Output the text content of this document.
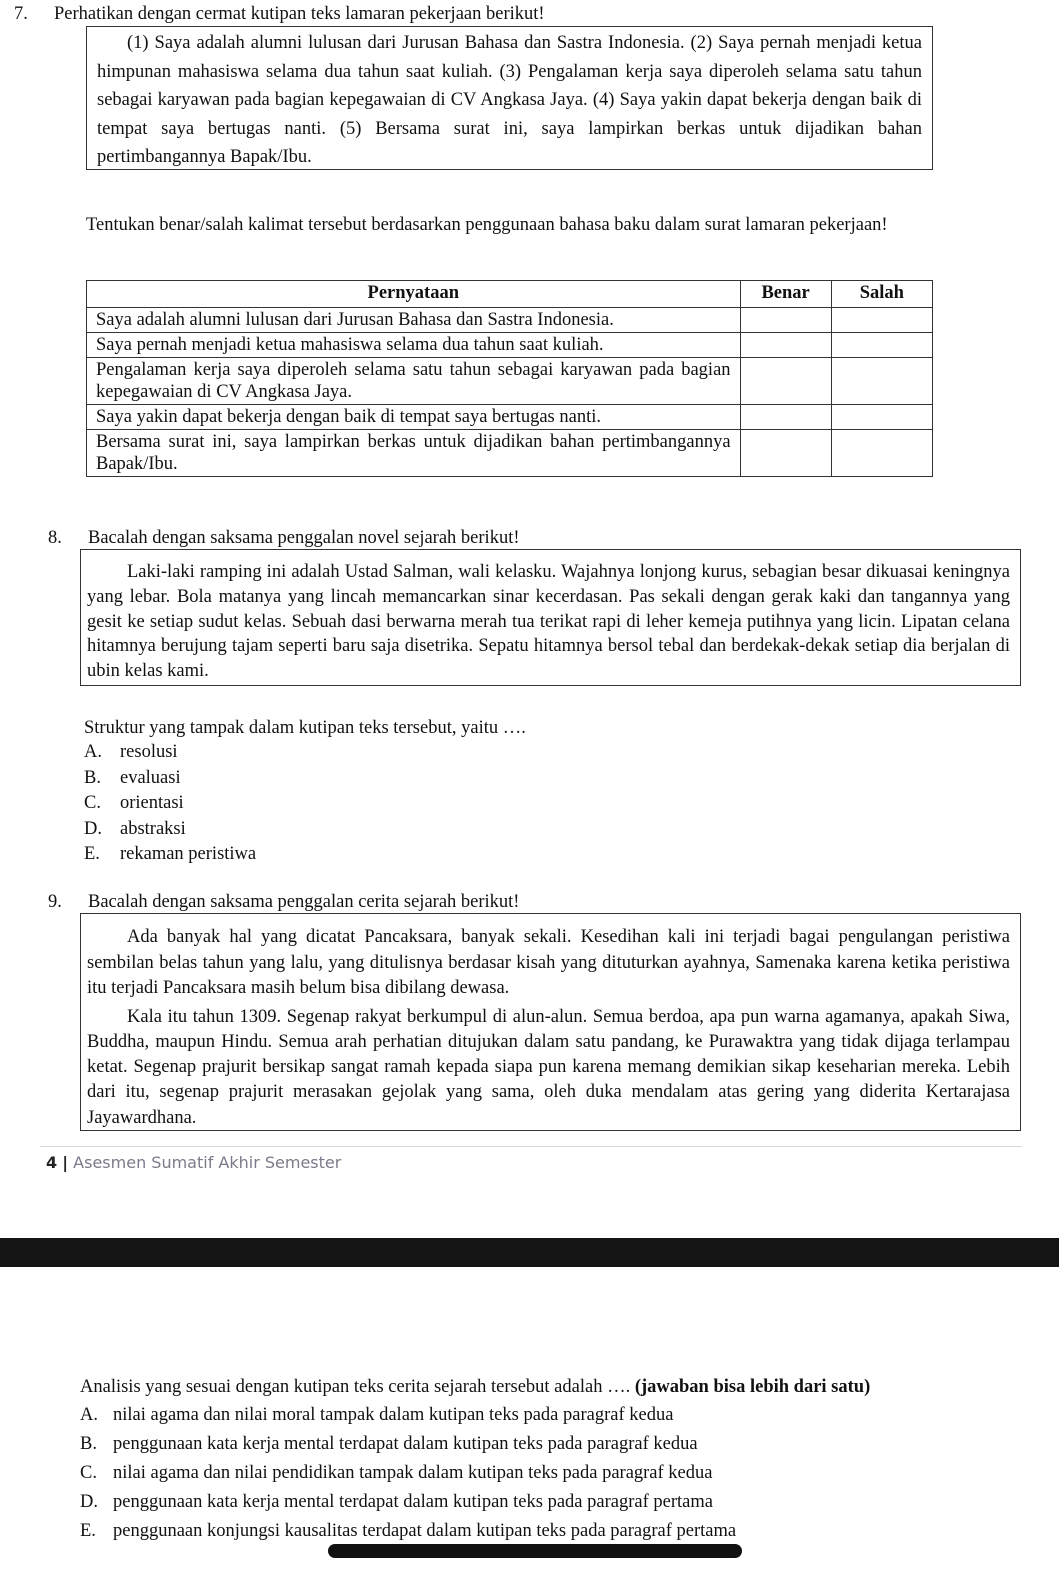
7. Perhatikan dengan cermat kutipan teks lamaran pekerjaan berikut!

(1) Saya adalah alumni lulusan dari Jurusan Bahasa dan Sastra Indonesia. (2) Saya pernah menjadi ketua himpunan mahasiswa selama dua tahun saat kuliah. (3) Pengalaman kerja saya diperoleh selama satu tahun sebagai karyawan pada bagian kepegawaian di CV Angkasa Jaya. (4) Saya yakin dapat bekerja dengan baik di tempat saya bertugas nanti. (5) Bersama surat ini, saya lampirkan berkas untuk dijadikan bahan pertimbangannya Bapak/Ibu.

Tentukan benar/salah kalimat tersebut berdasarkan penggunaan bahasa baku dalam surat lamaran pekerjaan!
Pernyataan	Benar	Salah
Saya adalah alumni lulusan dari Jurusan Bahasa dan Sastra Indonesia.		
Saya pernah menjadi ketua mahasiswa selama dua tahun saat kuliah.		
Pengalaman kerja saya diperoleh selama satu tahun sebagai karyawan pada bagian kepegawaian di CV Angkasa Jaya.		
Saya yakin dapat bekerja dengan baik di tempat saya bertugas nanti.		
Bersama surat ini, saya lampirkan berkas untuk dijadikan bahan pertimbangannya Bapak/Ibu.		
8. Bacalah dengan saksama penggalan novel sejarah berikut!

Laki-laki ramping ini adalah Ustad Salman, wali kelasku. Wajahnya lonjong kurus, sebagian besar dikuasai keningnya yang lebar. Bola matanya yang lincah memancarkan sinar kecerdasan. Pas sekali dengan gerak kaki dan tangannya yang gesit ke setiap sudut kelas. Sebuah dasi berwarna merah tua terikat rapi di leher kemeja putihnya yang licin. Lipatan celana hitamnya berujung tajam seperti baru saja disetrika. Sepatu hitamnya bersol tebal dan berdekak-dekak setiap dia berjalan di ubin kelas kami.

Struktur yang tampak dalam kutipan teks tersebut, yaitu ….
A. resolusi
B. evaluasi
C. orientasi
D. abstraksi
E. rekaman peristiwa
9. Bacalah dengan saksama penggalan cerita sejarah berikut!

Ada banyak hal yang dicatat Pancaksara, banyak sekali. Kesedihan kali ini terjadi bagai pengulangan peristiwa sembilan belas tahun yang lalu, yang ditulisnya berdasar kisah yang dituturkan ayahnya, Samenaka karena ketika peristiwa itu terjadi Pancaksara masih belum bisa dibilang dewasa.

Kala itu tahun 1309. Segenap rakyat berkumpul di alun-alun. Semua berdoa, apa pun warna agamanya, apakah Siwa, Buddha, maupun Hindu. Semua arah perhatian ditujukan dalam satu pandang, ke Purawaktra yang tidak dijaga terlampau ketat. Segenap prajurit bersikap sangat ramah kepada siapa pun karena memang demikian sikap keseharian mereka. Lebih dari itu, segenap prajurit merasakan gejolak yang sama, oleh duka mendalam atas gering yang diderita Kertarajasa Jayawardhana.

4 | Asesmen Sumatif Akhir Semester
Analisis yang sesuai dengan kutipan teks cerita sejarah tersebut adalah …. (jawaban bisa lebih dari satu)
A. nilai agama dan nilai moral tampak dalam kutipan teks pada paragraf kedua
B. penggunaan kata kerja mental terdapat dalam kutipan teks pada paragraf kedua
C. nilai agama dan nilai pendidikan tampak dalam kutipan teks pada paragraf kedua
D. penggunaan kata kerja mental terdapat dalam kutipan teks pada paragraf pertama
E. penggunaan konjungsi kausalitas terdapat dalam kutipan teks pada paragraf pertama
